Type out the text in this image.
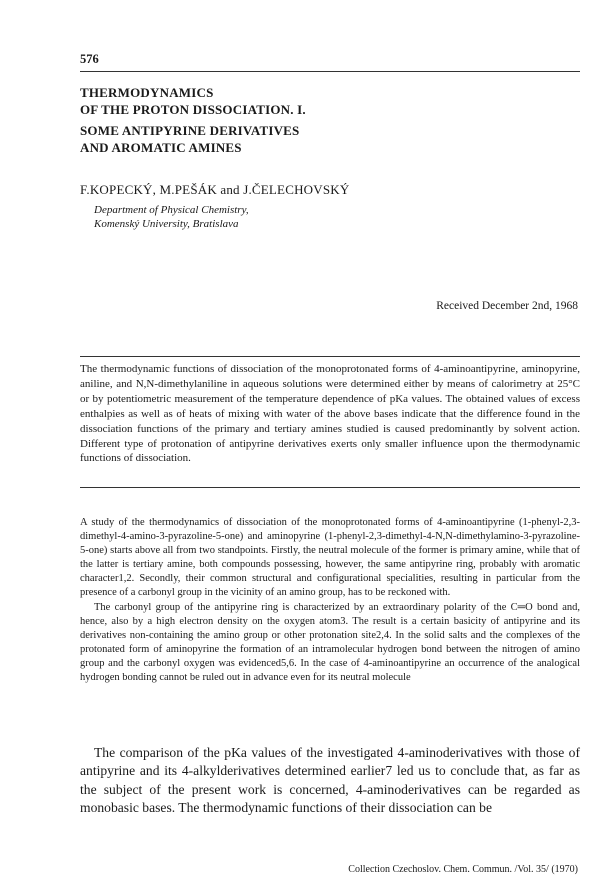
576
THERMODYNAMICS
OF THE PROTON DISSOCIATION. I.
SOME ANTIPYRINE DERIVATIVES
AND AROMATIC AMINES
F.KOPECKÝ, M.PEŠÁK and J.ČELECHOVSKÝ
Department of Physical Chemistry,
Komenský University, Bratislava
Received December 2nd, 1968
The thermodynamic functions of dissociation of the monoprotonated forms of 4-aminoantipyrine, aminopyrine, aniline, and N,N-dimethylaniline in aqueous solutions were determined either by means of calorimetry at 25°C or by potentiometric measurement of the temperature dependence of pKa values. The obtained values of excess enthalpies as well as of heats of mixing with water of the above bases indicate that the difference found in the dissociation functions of the primary and tertiary amines studied is caused predominantly by solvent action. Different type of protonation of antipyrine derivatives exerts only smaller influence upon the thermodynamic functions of dissociation.

A study of the thermodynamics of dissociation of the monoprotonated forms of 4-aminoantipyrine (1-phenyl-2,3-dimethyl-4-amino-3-pyrazoline-5-one) and aminopyrine (1-phenyl-2,3-dimethyl-4-N,N-dimethylamino-3-pyrazoline-5-one) starts above all from two standpoints. Firstly, the neutral molecule of the former is primary amine, while that of the latter is tertiary amine, both compounds possessing, however, the same antipyrine ring, probably with aromatic character1,2. Secondly, their common structural and configurational specialities, resulting in particular from the presence of a carbonyl group in the vicinity of an amino group, has to be reckoned with.

The carbonyl group of the antipyrine ring is characterized by an extraordinary polarity of the C═O bond and, hence, also by a high electron density on the oxygen atom3. The result is a certain basicity of antipyrine and its derivatives non-containing the amino group or other protonation site2,4. In the solid salts and the complexes of the protonated form of aminopyrine the formation of an intramolecular hydrogen bond between the nitrogen of amino group and the carbonyl oxygen was evidenced5,6. In the case of 4-aminoantipyrine an occurrence of the analogical hydrogen bonding cannot be ruled out in advance even for its neutral molecule

The comparison of the pKa values of the investigated 4-aminoderivatives with those of antipyrine and its 4-alkylderivatives determined earlier7 led us to conclude that, as far as the subject of the present work is concerned, 4-aminoderivatives can be regarded as monobasic bases. The thermodynamic functions of their dissociation can be

Collection Czechoslov. Chem. Commun. /Vol. 35/ (1970)
